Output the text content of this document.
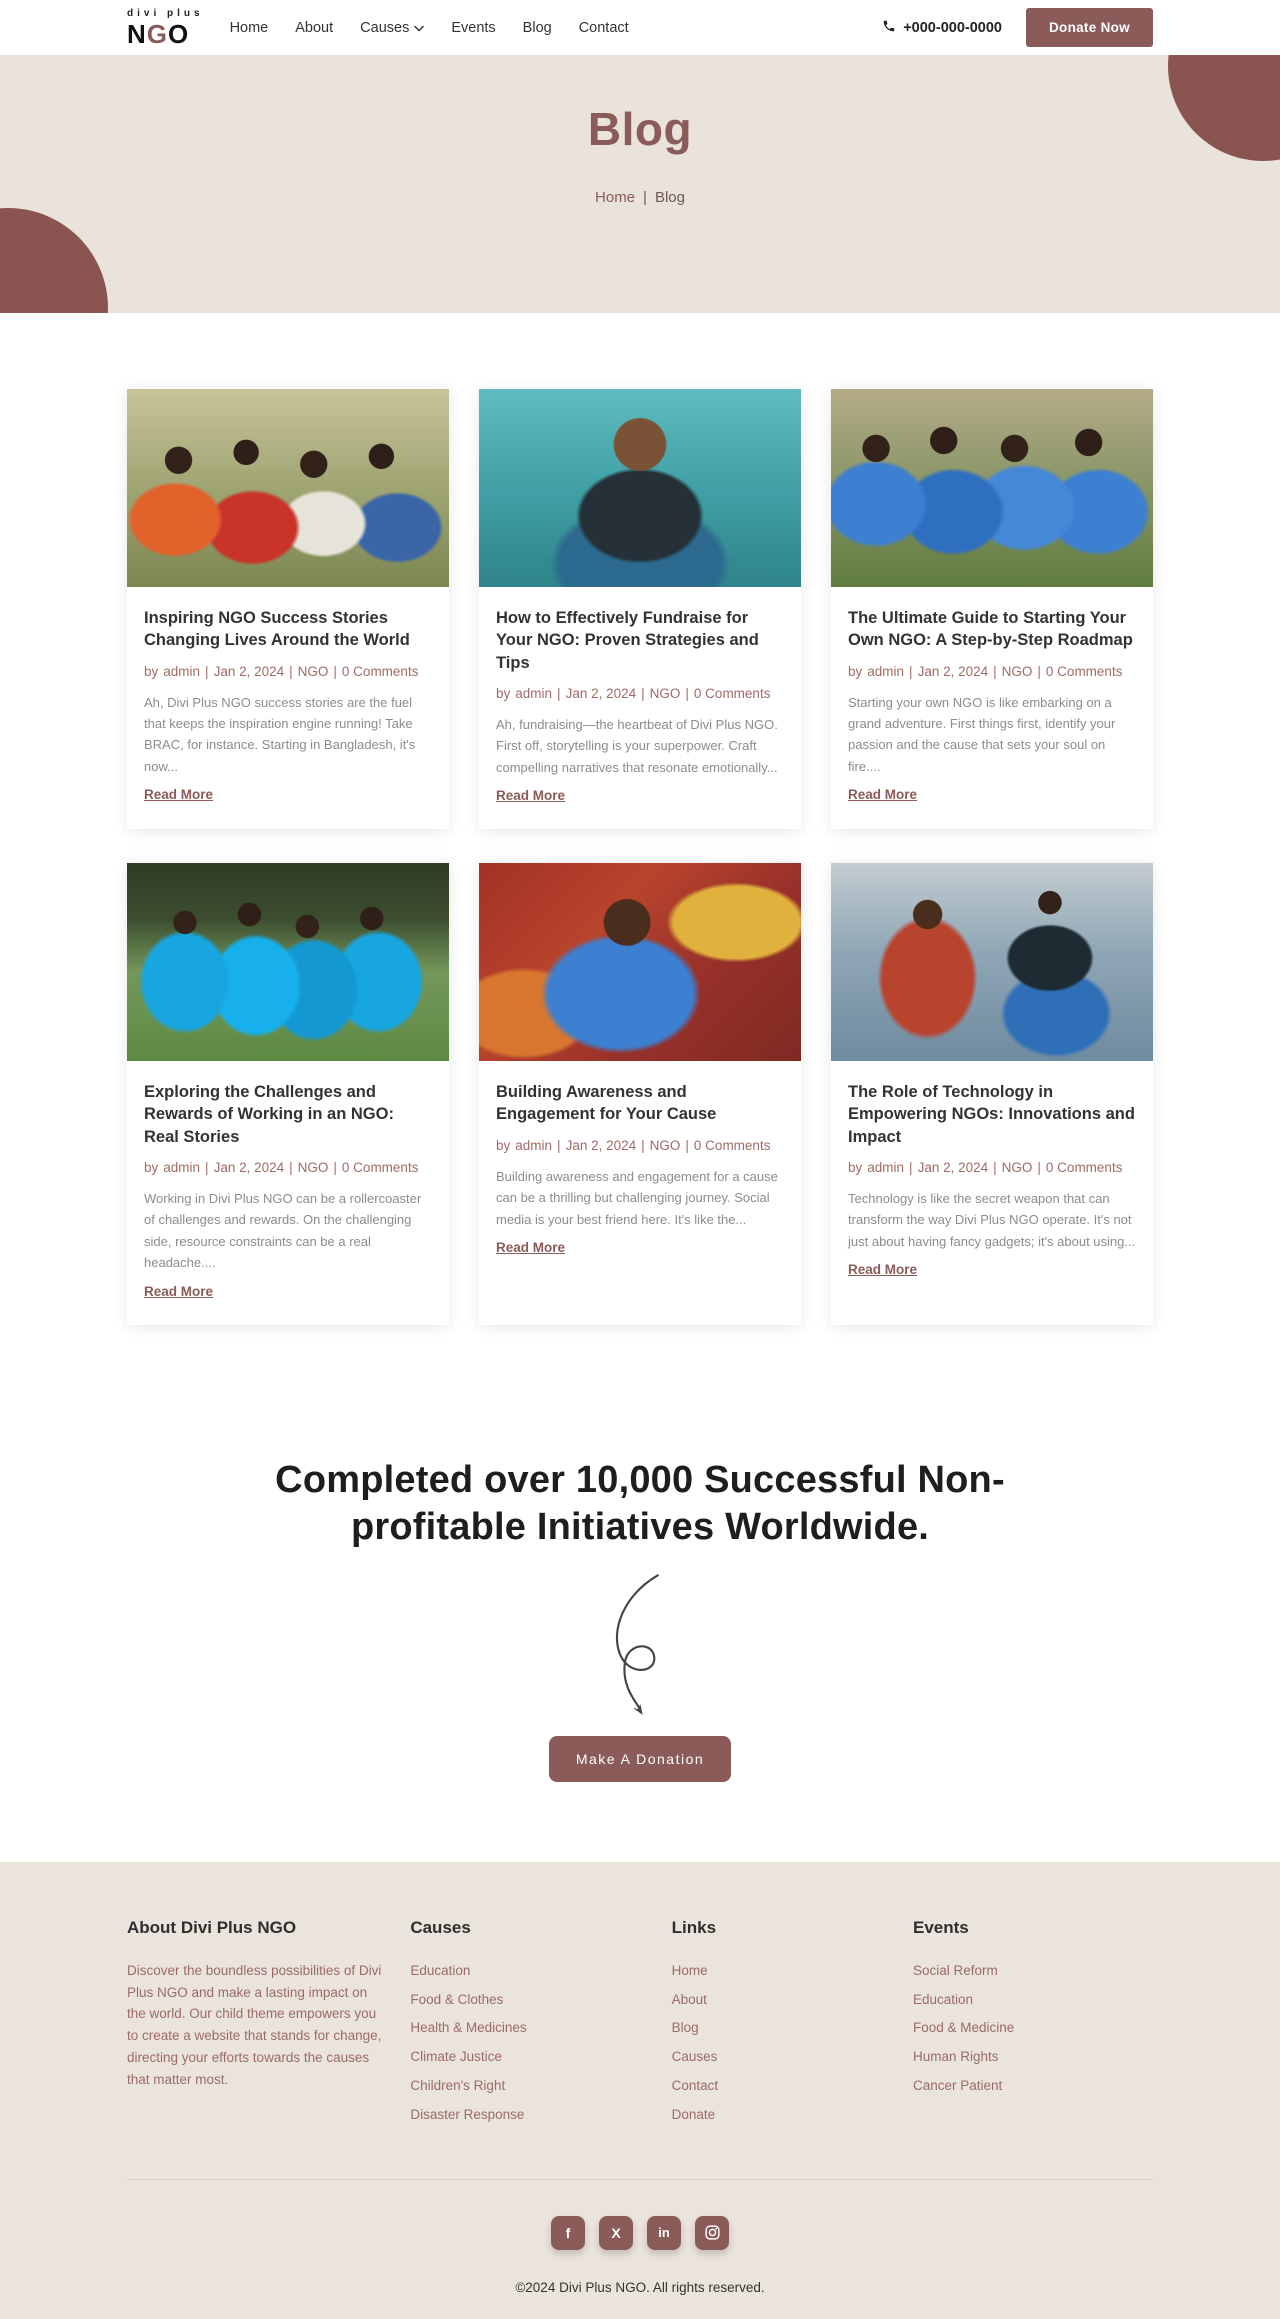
divi plus
NGO	Home About Causes	Events Blog Contact	+000-000-0000	Donate Now
Blog
Home | Blog
Inspiring NGO Success Stories Changing Lives Around the World
by admin | Jan 2, 2024 | NGO | 0 Comments

Ah, Divi Plus NGO success stories are the fuel that keeps the inspiration engine running! Take BRAC, for instance. Starting in Bangladesh, it's now...

Read More
How to Effectively Fundraise for Your NGO: Proven Strategies and Tips
by admin | Jan 2, 2024 | NGO | 0 Comments

Ah, fundraising—the heartbeat of Divi Plus NGO. First off, storytelling is your superpower. Craft compelling narratives that resonate emotionally...

Read More
The Ultimate Guide to Starting Your Own NGO: A Step-by-Step Roadmap
by admin | Jan 2, 2024 | NGO | 0 Comments

Starting your own NGO is like embarking on a grand adventure. First things first, identify your passion and the cause that sets your soul on fire....

Read More
Exploring the Challenges and Rewards of Working in an NGO: Real Stories
by admin | Jan 2, 2024 | NGO | 0 Comments

Working in Divi Plus NGO can be a rollercoaster of challenges and rewards. On the challenging side, resource constraints can be a real headache....

Read More
Building Awareness and Engagement for Your Cause
by admin | Jan 2, 2024 | NGO | 0 Comments

Building awareness and engagement for a cause can be a thrilling but challenging journey. Social media is your best friend here. It's like the...

Read More
The Role of Technology in Empowering NGOs: Innovations and Impact
by admin | Jan 2, 2024 | NGO | 0 Comments

Technology is like the secret weapon that can transform the way Divi Plus NGO operate. It's not just about having fancy gadgets; it's about using...

Read More
Completed over 10,000 Successful Non-profitable Initiatives Worldwide.
Make A Donation
About Divi Plus NGO

Discover the boundless possibilities of Divi Plus NGO and make a lasting impact on the world. Our child theme empowers you to create a website that stands for change, directing your efforts towards the causes that matter most.

Causes
Education
Food & Clothes
Health & Medicines
Climate Justice
Children's Right
Disaster Response
Links
Home
About
Blog
Causes
Contact
Donate
Events
Social Reform
Education
Food & Medicine
Human Rights
Cancer Patient
f	X	in

©2024 Divi Plus NGO. All rights reserved.
